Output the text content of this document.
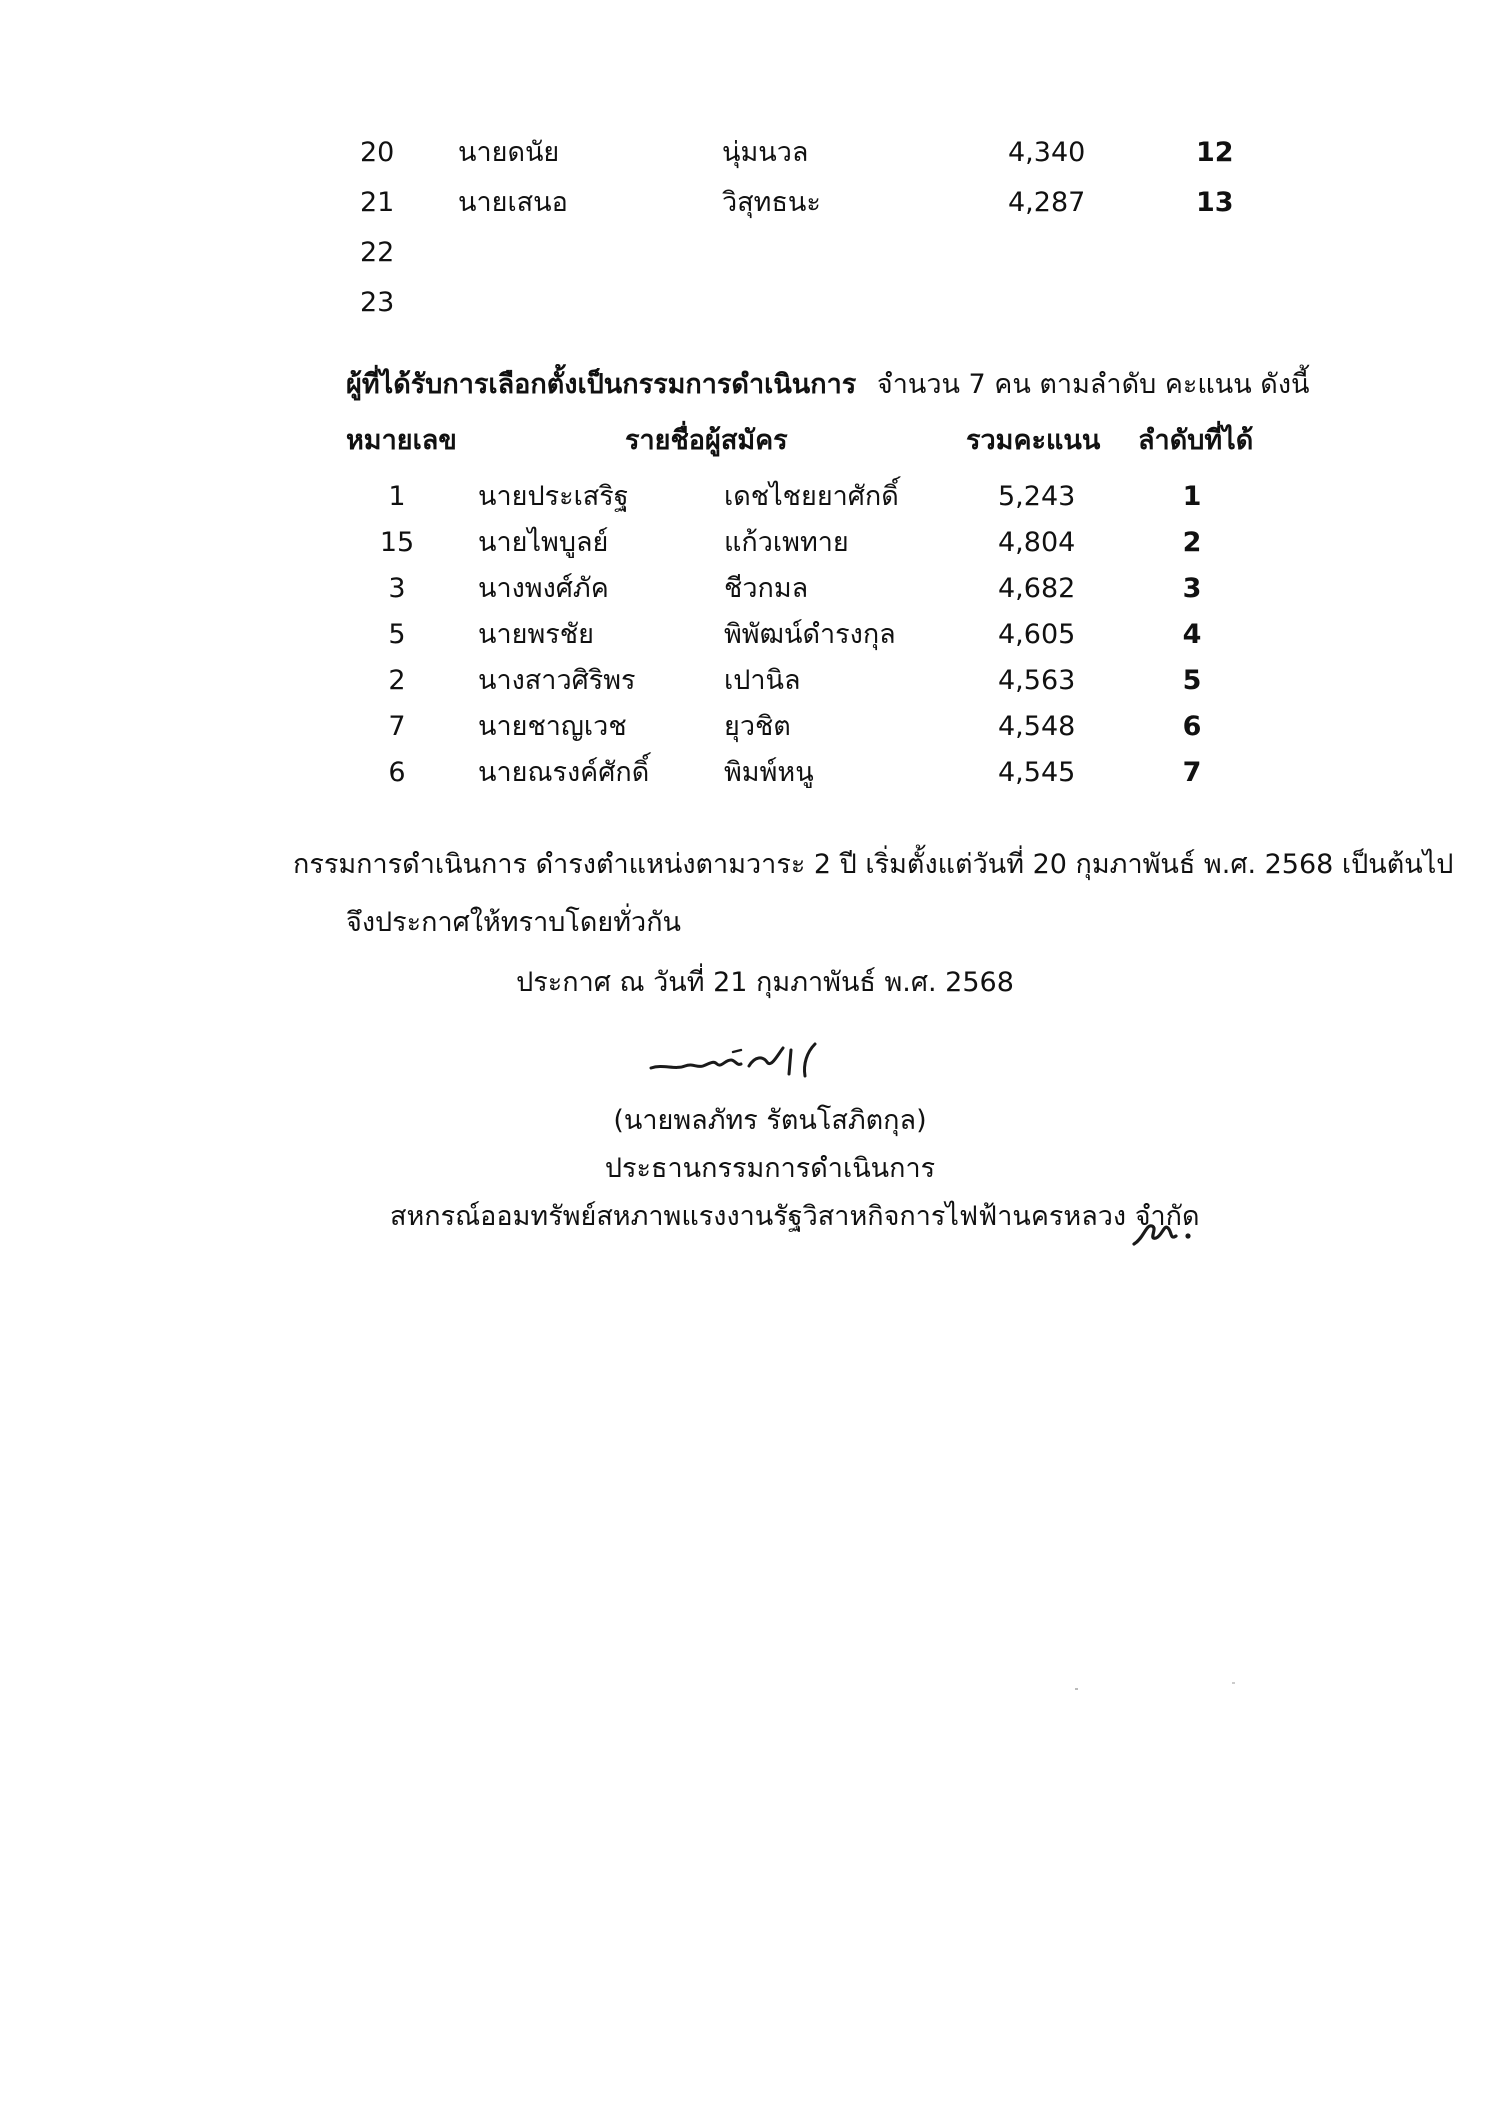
20 นายดนัย	นุ่มนวล	4,340	12
21 นายเสนอ	วิสุทธนะ	4,287	13
22
23
ผู้ที่ได้รับการเลือกตั้งเป็นกรรมการดำเนินการ จำนวน 7 คน ตามลำดับ คะแนน ดังนี้
หมายเลข	รายชื่อผู้สมัคร	รวมคะแนน ลำดับที่ได้
1	นายประเสริฐ	เดชไชยยาศักดิ์	5,243	1
15	นายไพบูลย์	แก้วเพทาย	4,804	2
3	นางพงศ์ภัค	ชีวกมล	4,682	3
5	นายพรชัย	พิพัฒน์ดำรงกุล	4,605	4
2	นางสาวศิริพร	เปานิล	4,563	5
7	นายชาญเวช	ยุวชิต	4,548	6
6	นายณรงค์ศักดิ์	พิมพ์หนู	4,545	7
กรรมการดำเนินการ ดำรงตำแหน่งตามวาระ 2 ปี เริ่มตั้งแต่วันที่ 20 กุมภาพันธ์ พ.ศ. 2568 เป็นต้นไป
จึงประกาศให้ทราบโดยทั่วกัน
ประกาศ ณ วันที่ 21 กุมภาพันธ์ พ.ศ. 2568
(นายพลภัทร รัตนโสภิตกุล)
ประธานกรรมการดำเนินการ
สหกรณ์ออมทรัพย์สหภาพแรงงานรัฐวิสาหกิจการไฟฟ้านครหลวง จำกัด
